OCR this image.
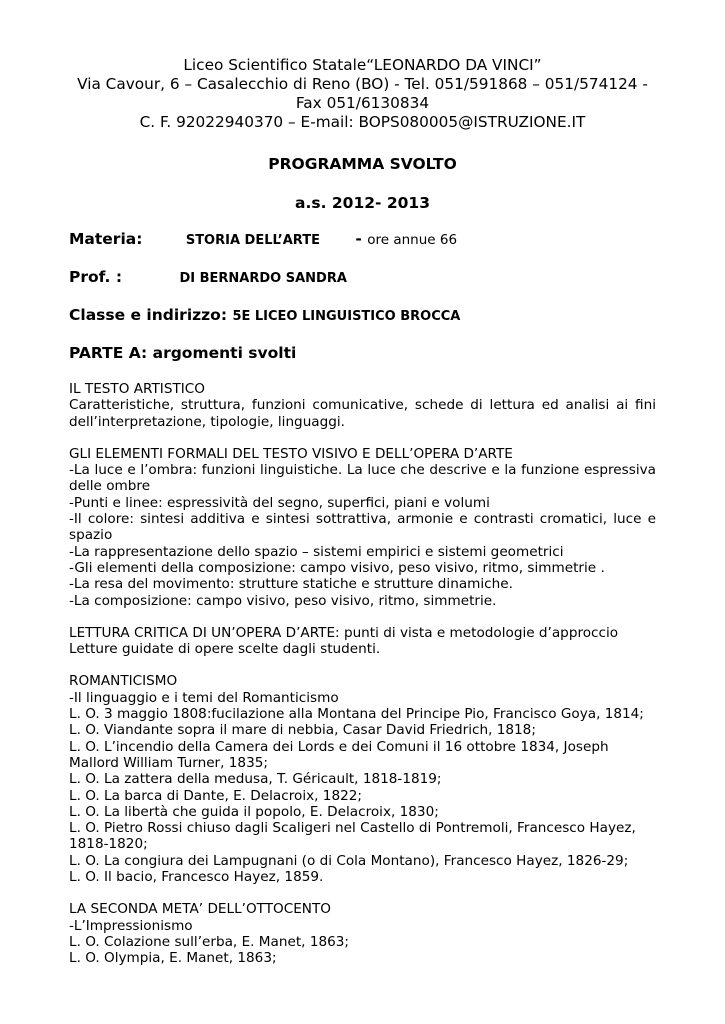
Liceo Scientifico Statale“LEONARDO DA VINCI”
Via Cavour, 6 – Casalecchio di Reno (BO) - Tel. 051/591868 – 051/574124 -
Fax 051/6130834
C. F. 92022940370 – E-mail: BOPS080005@ISTRUZIONE.IT
PROGRAMMA SVOLTO
a.s. 2012- 2013
Materia:	STORIA DELL’ARTE - ore annue 66
Prof. :	DI BERNARDO SANDRA
Classe e indirizzo: 5E LICEO LINGUISTICO BROCCA
PARTE A: argomenti svolti
IL TESTO ARTISTICO
Caratteristiche, struttura, funzioni comunicative, schede di lettura ed analisi ai fini dell’interpretazione, tipologie, linguaggi.
GLI ELEMENTI FORMALI DEL TESTO VISIVO E DELL’OPERA D’ARTE
-La luce e l’ombra: funzioni linguistiche. La luce che descrive e la funzione espressiva delle ombre
-Punti e linee: espressività del segno, superfici, piani e volumi
-Il colore: sintesi additiva e sintesi sottrattiva, armonie e contrasti cromatici, luce e spazio
-La rappresentazione dello spazio – sistemi empirici e sistemi geometrici
-Gli elementi della composizione: campo visivo, peso visivo, ritmo, simmetrie .
-La resa del movimento: strutture statiche e strutture dinamiche.
-La composizione: campo visivo, peso visivo, ritmo, simmetrie.
LETTURA CRITICA DI UN’OPERA D’ARTE: punti di vista e metodologie d’approccio
Letture guidate di opere scelte dagli studenti.
ROMANTICISMO
-Il linguaggio e i temi del Romanticismo
L. O. 3 maggio 1808:fucilazione alla Montana del Principe Pio, Francisco Goya, 1814;
L. O. Viandante sopra il mare di nebbia, Casar David Friedrich, 1818;
L. O. L’incendio della Camera dei Lords e dei Comuni il 16 ottobre 1834, Joseph Mallord William Turner, 1835;
L. O. La zattera della medusa, T. Géricault, 1818-1819;
L. O. La barca di Dante, E. Delacroix, 1822;
L. O. La libertà che guida il popolo, E. Delacroix, 1830;
L. O. Pietro Rossi chiuso dagli Scaligeri nel Castello di Pontremoli, Francesco Hayez, 1818-1820;
L. O. La congiura dei Lampugnani (o di Cola Montano), Francesco Hayez, 1826-29;
L. O. Il bacio, Francesco Hayez, 1859.
LA SECONDA META’ DELL’OTTOCENTO
-L’Impressionismo
L. O. Colazione sull’erba, E. Manet, 1863;
L. O. Olympia, E. Manet, 1863;
